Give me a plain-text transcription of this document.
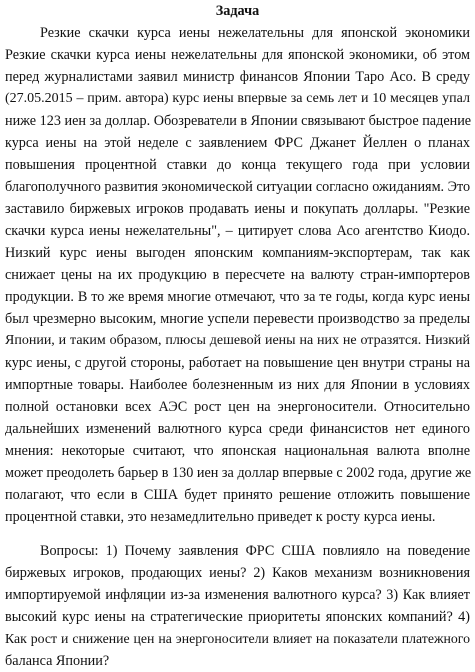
Задача
Резкие скачки курса иены нежелательны для японской экономики
Резкие скачки курса иены нежелательны для японской экономики, об этом
перед журналистами заявил министр финансов Японии Таро Асо. В среду
(27.05.2015 – прим. автора) курс иены впервые за семь лет и 10 месяцев упал
ниже 123 иен за доллар. Обозреватели в Японии связывают быстрое падение
курса иены на этой неделе с заявлением ФРС Джанет Йеллен о планах
повышения процентной ставки до конца текущего года при условии
благополучного развития экономической ситуации согласно ожиданиям. Это
заставило биржевых игроков продавать иены и покупать доллары. "Резкие
скачки курса иены нежелательны", – цитирует слова Асо агентство Киодо.
Низкий курс иены выгоден японским компаниям-экспортерам, так как
снижает цены на их продукцию в пересчете на валюту стран-импортеров
продукции. В то же время многие отмечают, что за те годы, когда курс иены
был чрезмерно высоким, многие успели перевести производство за пределы
Японии, и таким образом, плюсы дешевой иены на них не отразятся. Низкий
курс иены, с другой стороны, работает на повышение цен внутри страны на
импортные товары. Наиболее болезненным из них для Японии в условиях
полной остановки всех АЭС рост цен на энергоносители. Относительно
дальнейших изменений валютного курса среди финансистов нет единого
мнения: некоторые считают, что японская национальная валюта вполне
может преодолеть барьер в 130 иен за доллар впервые с 2002 года, другие же
полагают, что если в США будет принято решение отложить повышение
процентной ставки, это незамедлительно приведет к росту курса иены.
Вопросы: 1) Почему заявления ФРС США повлияло на поведение
биржевых игроков, продающих иены? 2) Каков механизм возникновения
импортируемой инфляции из-за изменения валютного курса? 3) Как влияет
высокий курс иены на стратегические приоритеты японских компаний? 4)
Как рост и снижение цен на энергоносители влияет на показатели платежного
баланса Японии?
